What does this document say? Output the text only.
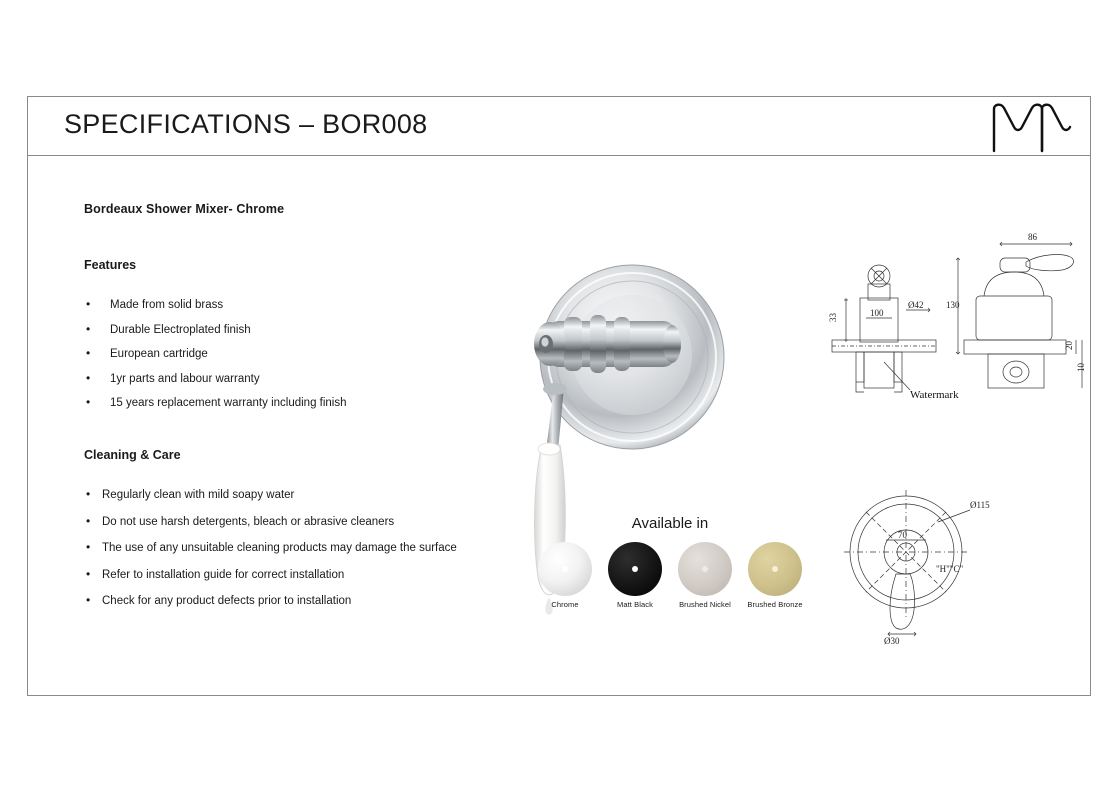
SPECIFICATIONS – BOR008
Bordeaux Shower Mixer- Chrome
Features
• Made from solid brass
• Durable Electroplated finish
• European cartridge
• 1yr parts and labour warranty
• 15 years replacement warranty including finish
Cleaning & Care
• Regularly clean with mild soapy water
• Do not use harsh detergents, bleach or abrasive cleaners
• The use of any unsuitable cleaning products may damage the surface
• Refer to installation guide for correct installation
• Check for any product defects prior to installation
Available in
Chrome	Matt Black	Brushed Nickel	Brushed Bronze
Ø42
100
33
Watermark
86
130
20
10
Ø115
70
Ø30
"H""C"
